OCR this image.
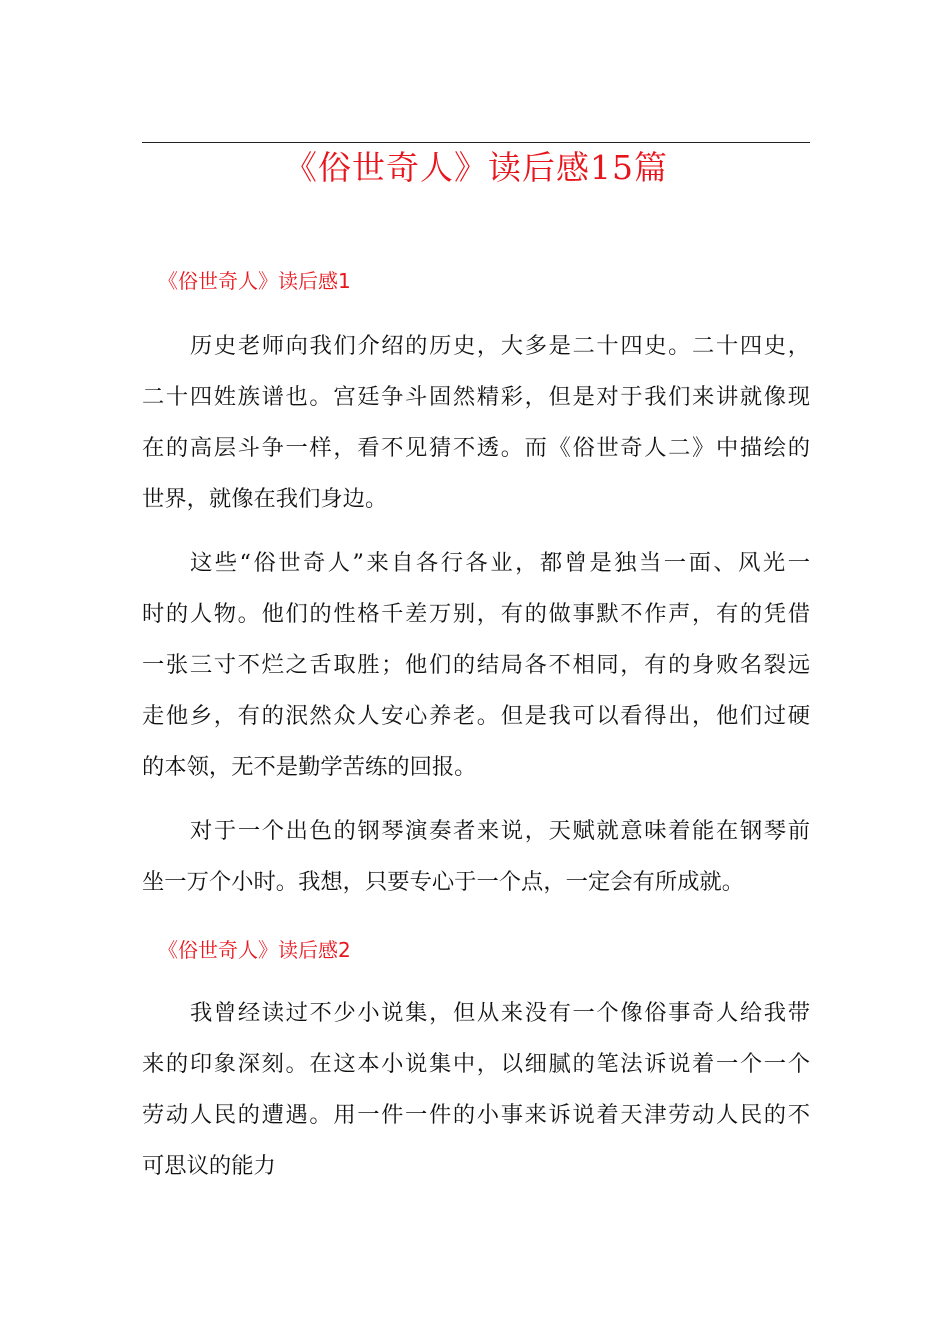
《俗世奇人》读后感15篇
《俗世奇人》读后感1
历史老师向我们介绍的历史，大多是二十四史。二十四史，
二十四姓族谱也。宫廷争斗固然精彩，但是对于我们来讲就像现
在的高层斗争一样，看不见猜不透。而《俗世奇人二》中描绘的
世界，就像在我们身边。
这些“俗世奇人”来自各行各业，都曾是独当一面、风光一
时的人物。他们的性格千差万别，有的做事默不作声，有的凭借
一张三寸不烂之舌取胜；他们的结局各不相同，有的身败名裂远
走他乡，有的泯然众人安心养老。但是我可以看得出，他们过硬
的本领，无不是勤学苦练的回报。
对于一个出色的钢琴演奏者来说，天赋就意味着能在钢琴前
坐一万个小时。我想，只要专心于一个点，一定会有所成就。
《俗世奇人》读后感2
我曾经读过不少小说集，但从来没有一个像俗事奇人给我带
来的印象深刻。在这本小说集中，以细腻的笔法诉说着一个一个
劳动人民的遭遇。用一件一件的小事来诉说着天津劳动人民的不
可思议的能力
